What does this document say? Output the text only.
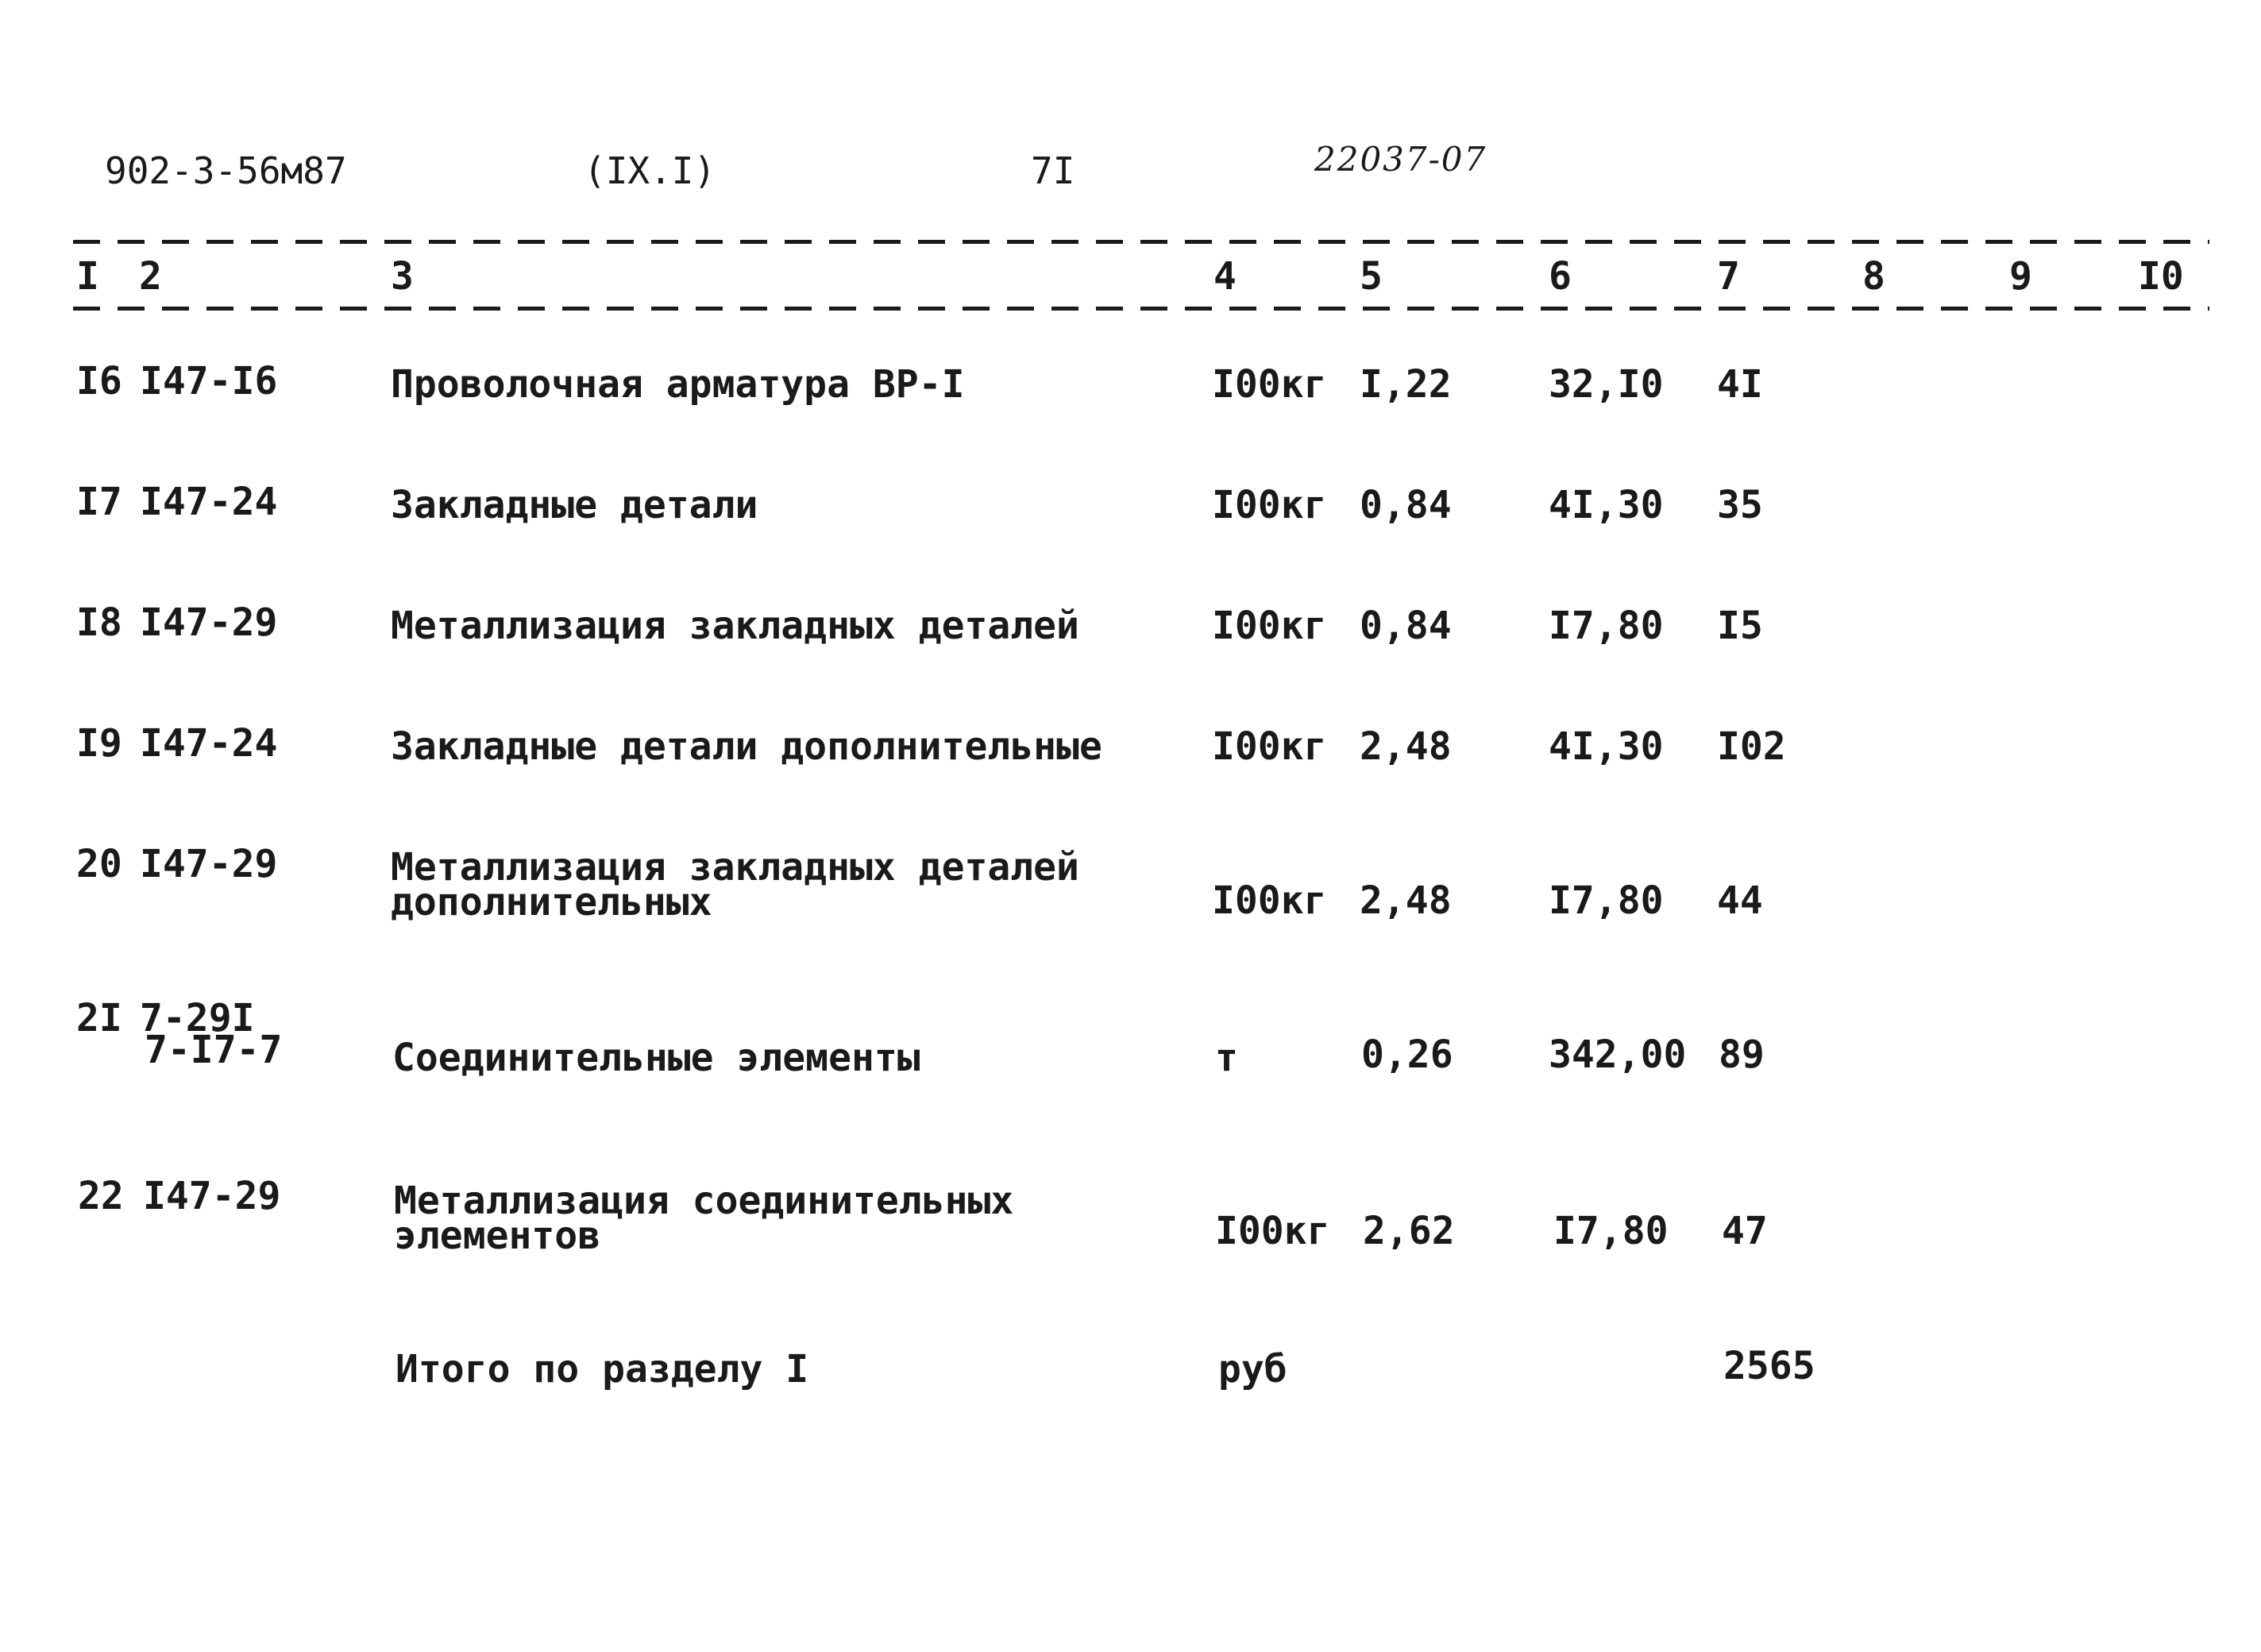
902-3-56м87	(IX.I)	7I	22037-07
I 2	3	4	5	6	7	8	9	I0
I6 I47-I6	Проволочная арматура ВР-I	I00кг I,22	32,I0 4I
I7 I47-24	Закладные детали	I00кг 0,84	4I,30 35
I8 I47-29	Металлизация закладных деталей	I00кг 0,84	I7,80 I5
I9 I47-24	Закладные детали дополнительные	I00кг 2,48	4I,30 I02
20 I47-29	Металлизация закладных деталей
дополнительных	I00кг 2,48	I7,80 44
2I 7-29I
7-I7-7	Соединительные элементы	т	0,26	342,00 89
22 I47-29	Металлизация соединительных
элементов	I00кг 2,62	I7,80 47
Итого по разделу I	руб	2565
